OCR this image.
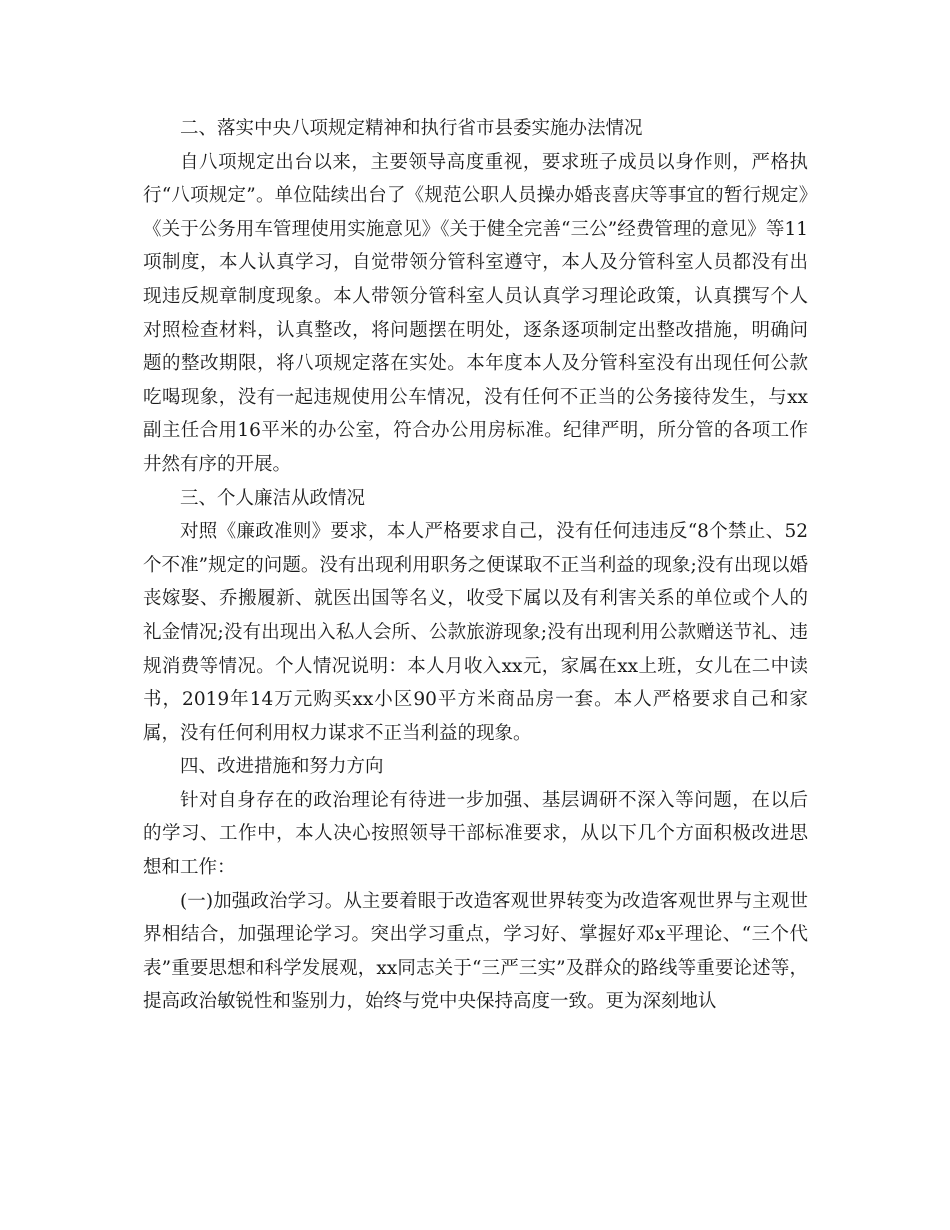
二、落实中央八项规定精神和执行省市县委实施办法情况

自八项规定出台以来，主要领导高度重视，要求班子成员以身作则，严格执行“八项规定”。单位陆续出台了《规范公职人员操办婚丧喜庆等事宜的暂行规定》《关于公务用车管理使用实施意见》《关于健全完善“三公”经费管理的意见》等11项制度，本人认真学习，自觉带领分管科室遵守，本人及分管科室人员都没有出现违反规章制度现象。本人带领分管科室人员认真学习理论政策，认真撰写个人对照检查材料，认真整改，将问题摆在明处，逐条逐项制定出整改措施，明确问题的整改期限，将八项规定落在实处。本年度本人及分管科室没有出现任何公款吃喝现象，没有一起违规使用公车情况，没有任何不正当的公务接待发生，与xx副主任合用16平米的办公室，符合办公用房标准。纪律严明，所分管的各项工作井然有序的开展。

三、个人廉洁从政情况

对照《廉政准则》要求，本人严格要求自己，没有任何违违反“8个禁止、52个不准”规定的问题。没有出现利用职务之便谋取不正当利益的现象;没有出现以婚丧嫁娶、乔搬履新、就医出国等名义，收受下属以及有利害关系的单位或个人的礼金情况;没有出现出入私人会所、公款旅游现象;没有出现利用公款赠送节礼、违规消费等情况。个人情况说明：本人月收入xx元，家属在xx上班，女儿在二中读书，2019年14万元购买xx小区90平方米商品房一套。本人严格要求自己和家属，没有任何利用权力谋求不正当利益的现象。

四、改进措施和努力方向

针对自身存在的政治理论有待进一步加强、基层调研不深入等问题，在以后的学习、工作中，本人决心按照领导干部标准要求，从以下几个方面积极改进思想和工作：

(一)加强政治学习。从主要着眼于改造客观世界转变为改造客观世界与主观世界相结合，加强理论学习。突出学习重点，学习好、掌握好邓x平理论、“三个代表”重要思想和科学发展观，xx同志关于“三严三实”及群众的路线等重要论述等，提高政治敏锐性和鉴别力，始终与党中央保持高度一致。更为深刻地认
